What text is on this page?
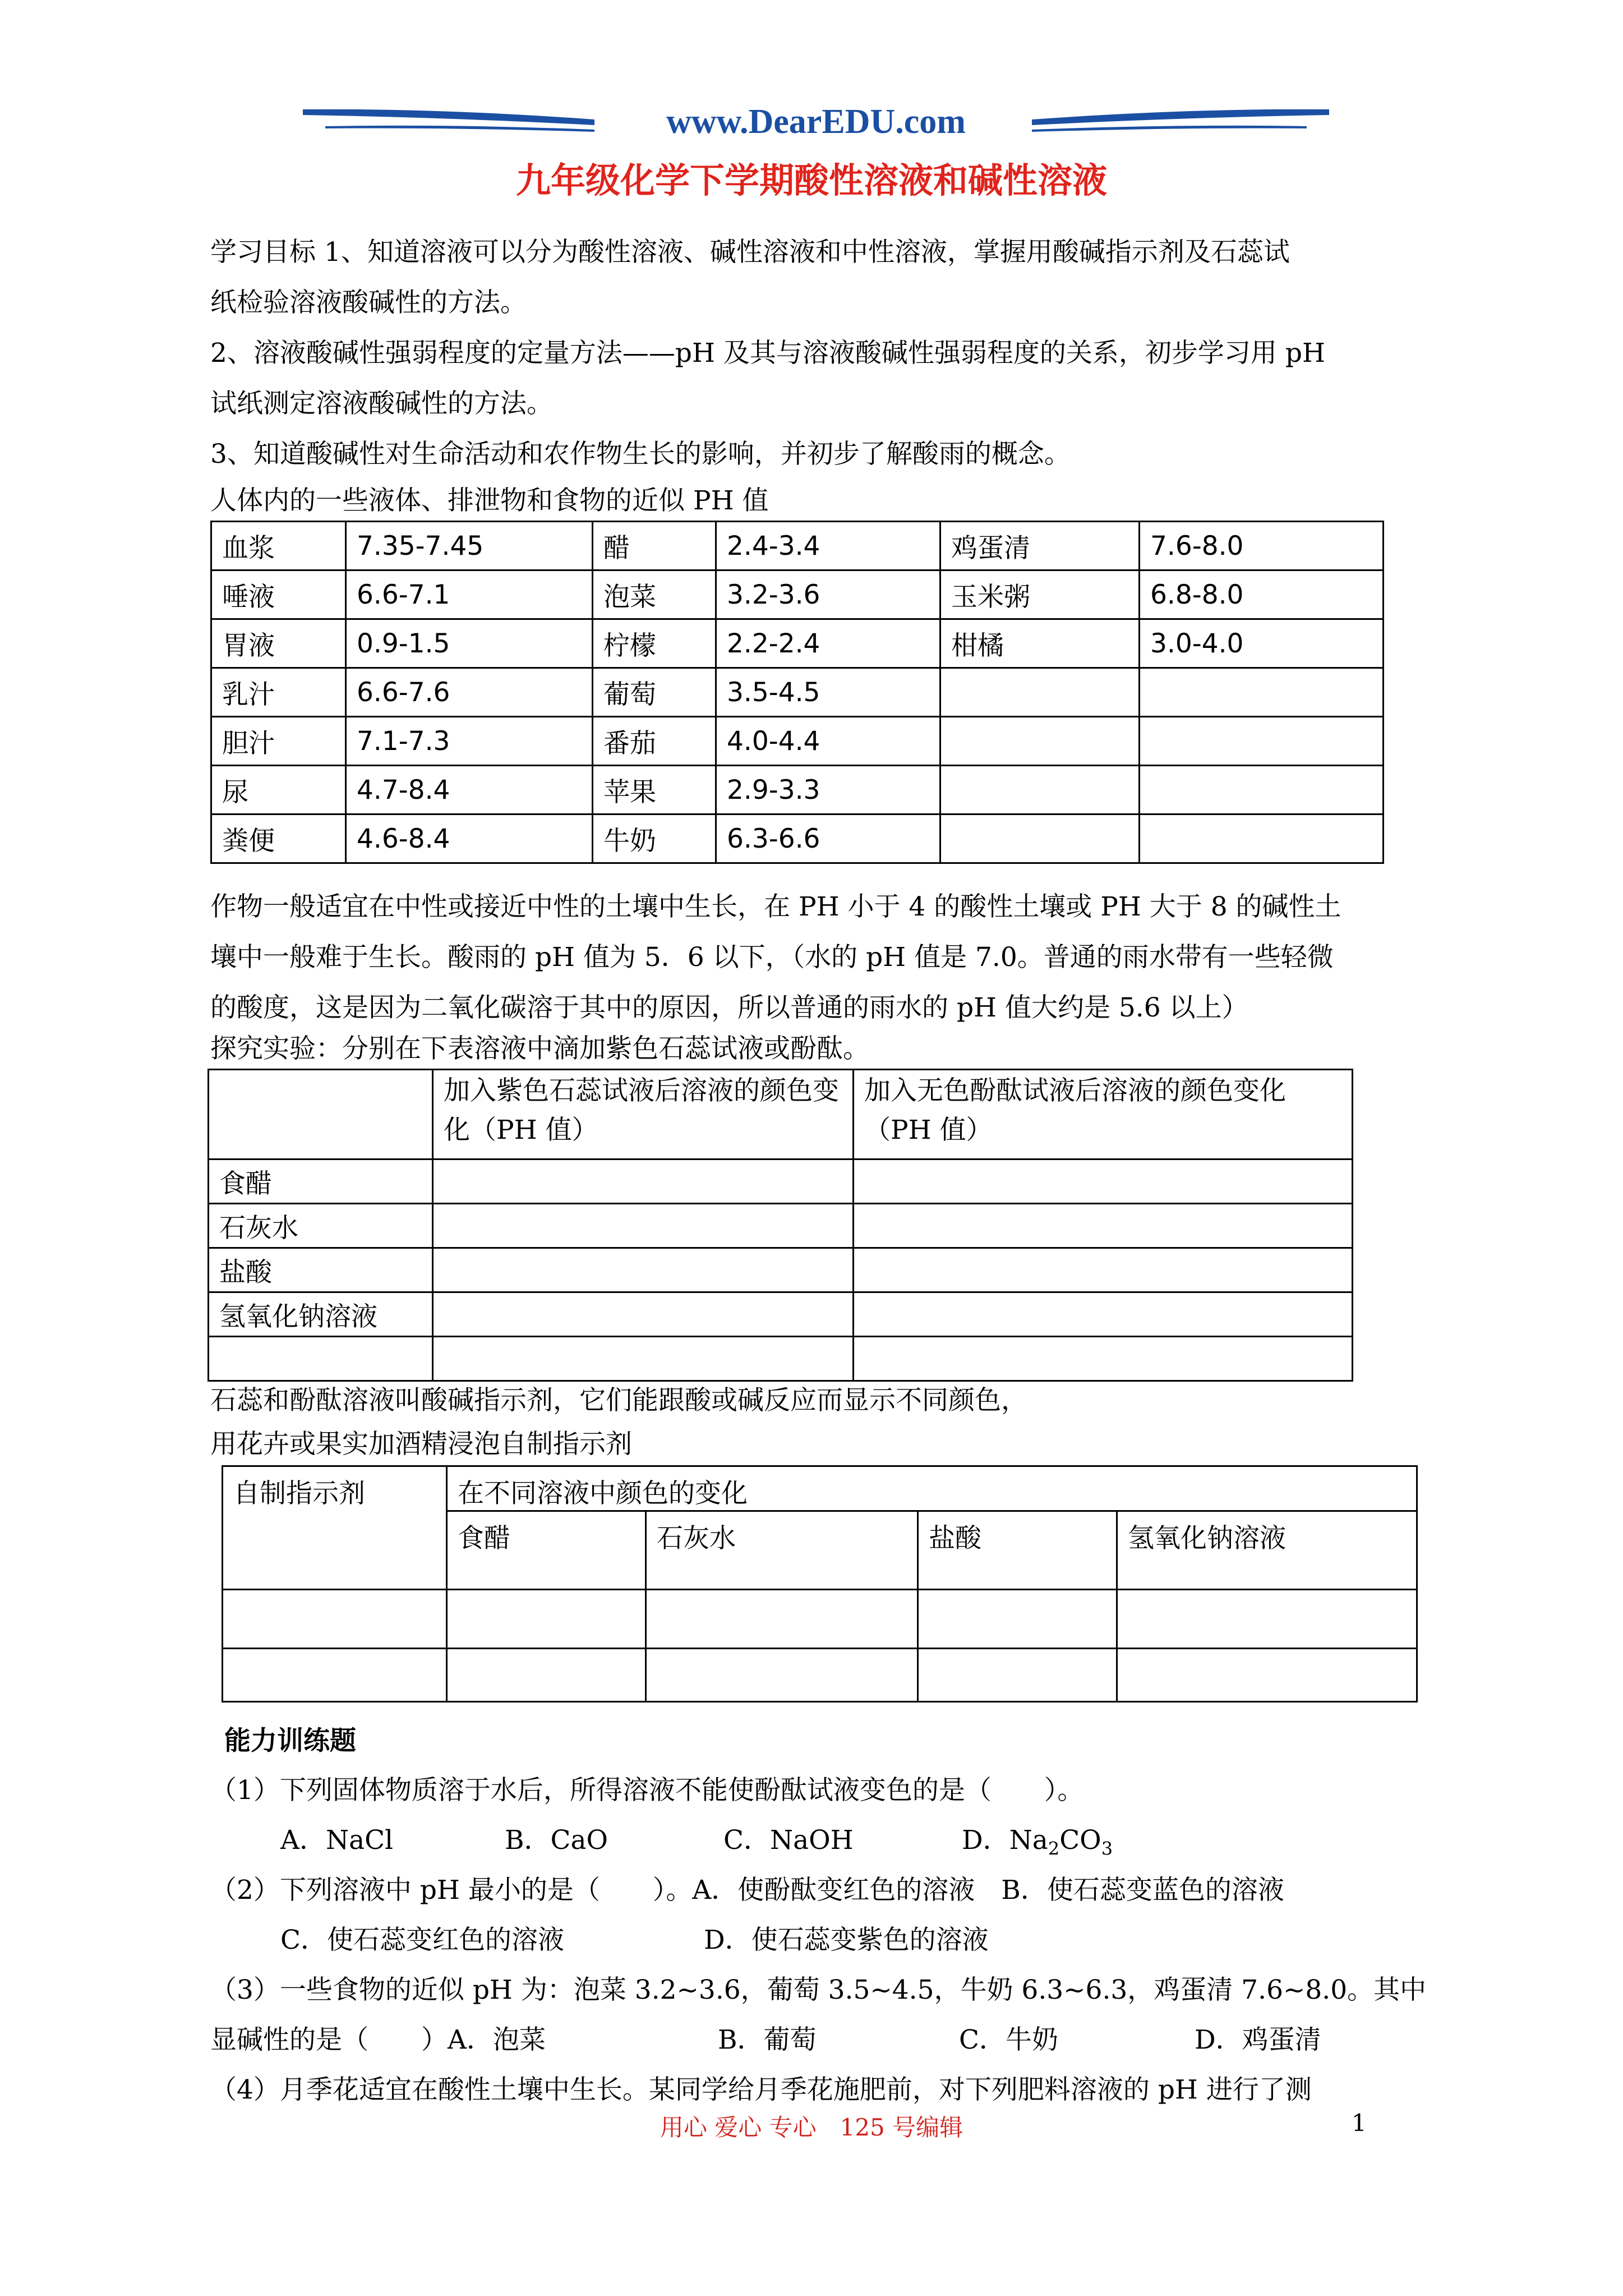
www.DearEDU.com
九年级化学下学期酸性溶液和碱性溶液
学习目标 1、知道溶液可以分为酸性溶液、碱性溶液和中性溶液，掌握用酸碱指示剂及石蕊试
纸检验溶液酸碱性的方法。
2、溶液酸碱性强弱程度的定量方法——pH 及其与溶液酸碱性强弱程度的关系，初步学习用 pH
试纸测定溶液酸碱性的方法。
3、知道酸碱性对生命活动和农作物生长的影响，并初步了解酸雨的概念。
人体内的一些液体、排泄物和食物的近似 PH 值
血浆	7.35-7.45	醋	2.4-3.4	鸡蛋清	7.6-8.0
唾液	6.6-7.1	泡菜	3.2-3.6	玉米粥	6.8-8.0
胃液	0.9-1.5	柠檬	2.2-2.4	柑橘	3.0-4.0
乳汁	6.6-7.6	葡萄	3.5-4.5		
胆汁	7.1-7.3	番茄	4.0-4.4		
尿	4.7-8.4	苹果	2.9-3.3		
粪便	4.6-8.4	牛奶	6.3-6.6		
作物一般适宜在中性或接近中性的土壤中生长，在 PH 小于 4 的酸性土壤或 PH 大于 8 的碱性土
壤中一般难于生长。酸雨的 pH 值为 5．6 以下，（水的 pH 值是 7.0。普通的雨水带有一些轻微
的酸度，这是因为二氧化碳溶于其中的原因，所以普通的雨水的 pH 值大约是 5.6 以上）
探究实验：分别在下表溶液中滴加紫色石蕊试液或酚酞。
	加入紫色石蕊试液后溶液的颜色变化（PH 值）	加入无色酚酞试液后溶液的颜色变化（PH 值）
食醋		
石灰水		
盐酸		
氢氧化钠溶液		

石蕊和酚酞溶液叫酸碱指示剂，它们能跟酸或碱反应而显示不同颜色，
用花卉或果实加酒精浸泡自制指示剂
自制指示剂	在不同溶液中颜色的变化			
	食醋	石灰水	盐酸	氢氧化钠溶液

能力训练题
（1）下列固体物质溶于水后，所得溶液不能使酚酞试液变色的是（　　）。
A．NaCl	B．CaO	C．NaOH	D．$Na_2CO_3$
（2）下列溶液中 pH 最小的是（　　）。A．使酚酞变红色的溶液　B．使石蕊变蓝色的溶液
C．使石蕊变红色的溶液	D．使石蕊变紫色的溶液
（3）一些食物的近似 pH 为：泡菜 3.2~3.6，葡萄 3.5~4.5，牛奶 6.3~6.3，鸡蛋清 7.6~8.0。其中
显碱性的是（　　）A．泡菜	B．葡萄	C．牛奶	D．鸡蛋清
（4）月季花适宜在酸性土壤中生长。某同学给月季花施肥前，对下列肥料溶液的 pH 进行了测
用心 爱心 专心　125 号编辑	1
